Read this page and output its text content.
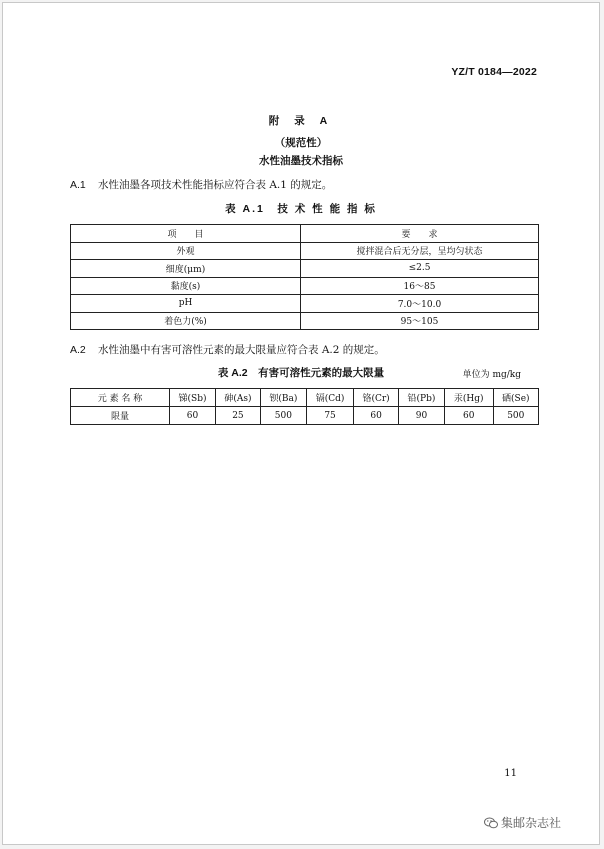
YZ/T 0184—2022
附 录 A
（规范性）
水性油墨技术指标
A.1 水性油墨各项技术性能指标应符合表 A.1 的规定。
表 A.1　技 术 性 能 指 标
项　　目	要　　求
外观	搅拌混合后无分层，呈均匀状态
细度(μm)	≤2.5
黏度(s)	16～85
pH	7.0～10.0
着色力(%)	95～105
A.2 水性油墨中有害可溶性元素的最大限量应符合表 A.2 的规定。
表 A.2　有害可溶性元素的最大限量	单位为 mg/kg
元 素 名 称	锑(Sb)	砷(As)	钡(Ba)	镉(Cd)	铬(Cr)	铅(Pb)	汞(Hg)	硒(Se)
限量	60	25	500	75	60	90	60	500
11
集邮杂志社
